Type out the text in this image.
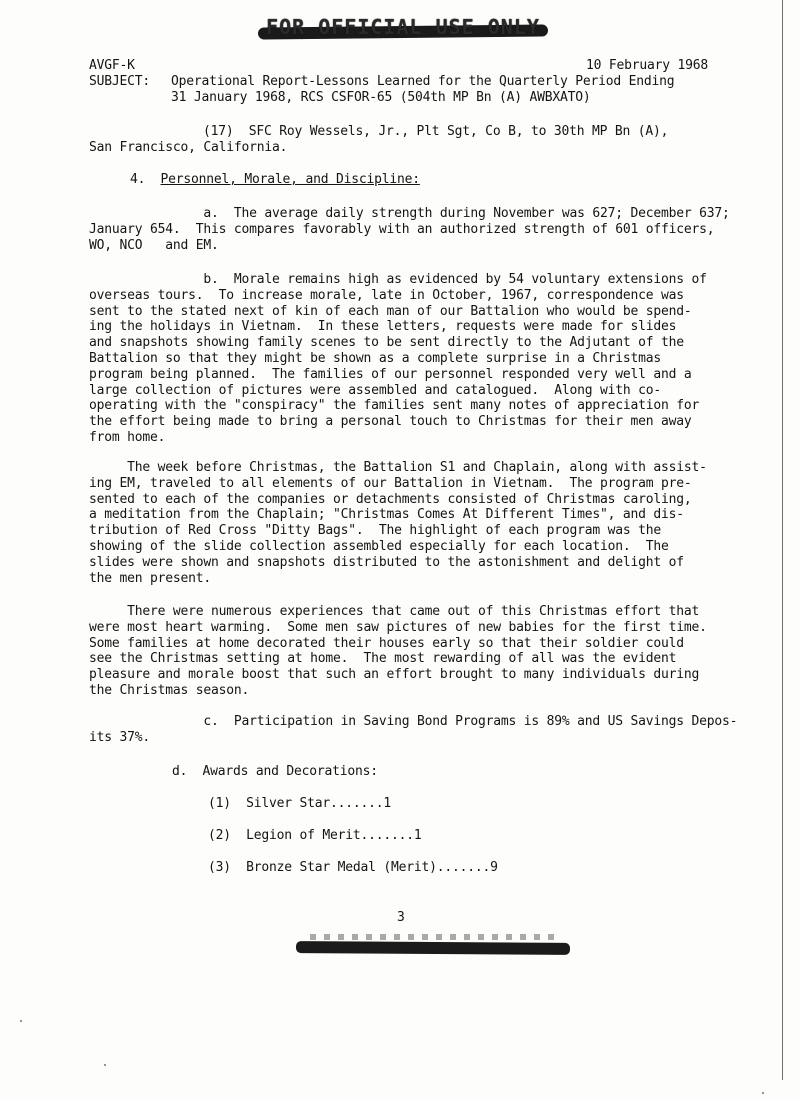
FOR OFFICIAL USE ONLY
AVGF-K	10 February 1968
SUBJECT: Operational Report-Lessons Learned for the Quarterly Period Ending
31 January 1968, RCS CSFOR-65 (504th MP Bn (A) AWBXATO)
(17)  SFC Roy Wessels, Jr., Plt Sgt, Co B, to 30th MP Bn (A),
San Francisco, California.
4. Personnel, Morale, and Discipline:
a.  The average daily strength during November was 627; December 637;
January 654.  This compares favorably with an authorized strength of 601 officers,
WO, NCO   and EM.
b.  Morale remains high as evidenced by 54 voluntary extensions of
overseas tours.  To increase morale, late in October, 1967, correspondence was
sent to the stated next of kin of each man of our Battalion who would be spend-
ing the holidays in Vietnam.  In these letters, requests were made for slides
and snapshots showing family scenes to be sent directly to the Adjutant of the
Battalion so that they might be shown as a complete surprise in a Christmas
program being planned.  The families of our personnel responded very well and a
large collection of pictures were assembled and catalogued.  Along with co-
operating with the "conspiracy" the families sent many notes of appreciation for
the effort being made to bring a personal touch to Christmas for their men away
from home.
The week before Christmas, the Battalion S1 and Chaplain, along with assist-
ing EM, traveled to all elements of our Battalion in Vietnam.  The program pre-
sented to each of the companies or detachments consisted of Christmas caroling,
a meditation from the Chaplain; "Christmas Comes At Different Times", and dis-
tribution of Red Cross "Ditty Bags".  The highlight of each program was the
showing of the slide collection assembled especially for each location.  The
slides were shown and snapshots distributed to the astonishment and delight of
the men present.
There were numerous experiences that came out of this Christmas effort that
were most heart warming.  Some men saw pictures of new babies for the first time.
Some families at home decorated their houses early so that their soldier could
see the Christmas setting at home.  The most rewarding of all was the evident
pleasure and morale boost that such an effort brought to many individuals during
the Christmas season.
c.  Participation in Saving Bond Programs is 89% and US Savings Depos-
its 37%.
d.  Awards and Decorations:
(1)  Silver Star.......1
(2)  Legion of Merit.......1
(3)  Bronze Star Medal (Merit).......9
3
